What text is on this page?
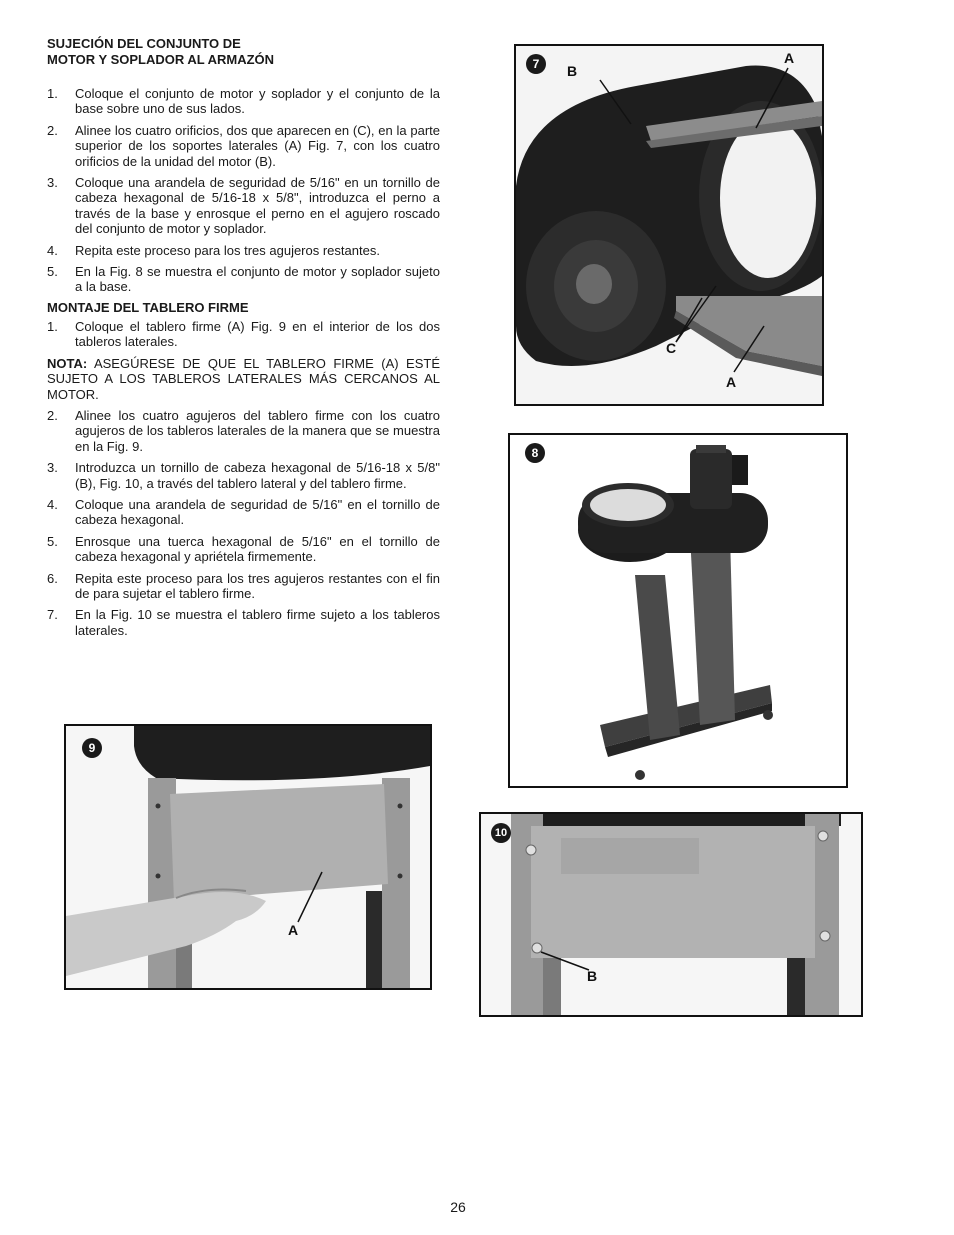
SUJECIÓN DEL CONJUNTO DE
MOTOR Y SOPLADOR AL ARMAZÓN

1. Coloque el conjunto de motor y soplador y el conjunto de la base sobre uno de sus lados.
2. Alinee los cuatro orificios, dos que aparecen en (C), en la parte superior de los soportes laterales (A) Fig. 7, con los cuatro orificios de la unidad del motor (B).
3. Coloque una arandela de seguridad de 5/16" en un tornillo de cabeza hexagonal de 5/16-18 x 5/8", introduzca el perno a través de la base y enrosque el perno en el agujero roscado del conjunto de motor y soplador.
4. Repita este proceso para los tres agujeros restantes.
5. En la Fig. 8 se muestra el conjunto de motor y soplador sujeto a la base.

MONTAJE DEL TABLERO FIRME

1. Coloque el tablero firme (A) Fig. 9 en el interior de los dos tableros laterales.

NOTA: ASEGÚRESE DE QUE EL TABLERO FIRME (A) ESTÉ SUJETO A LOS TABLEROS LATERALES MÁS CERCANOS AL MOTOR.

2. Alinee los cuatro agujeros del tablero firme con los cuatro agujeros de los tableros laterales de la manera que se muestra en la Fig. 9.
3. Introduzca un tornillo de cabeza hexagonal de 5/16-18 x 5/8" (B), Fig. 10, a través del tablero lateral y del tablero firme.
4. Coloque una arandela de seguridad de 5/16" en el tornillo de cabeza hexagonal.
5. Enrosque una tuerca hexagonal de 5/16" en el tornillo de cabeza hexagonal y apriétela firmemente.
6. Repita este proceso para los tres agujeros restantes con el fin de para sujetar el tablero firme.
7. En la Fig. 10 se muestra el tablero firme sujeto a los tableros laterales.
7	A
B
C
A
8
9
A
10
B
26
